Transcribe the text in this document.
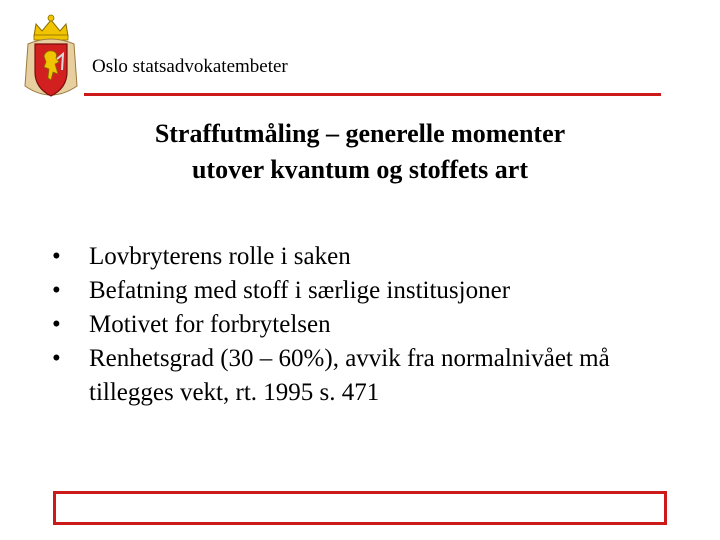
Oslo statsadvokatembeter
Straffutmåling – generelle momenter
utover kvantum og stoffets art
• Lovbryterens rolle i saken
• Befatning med stoff i særlige institusjoner
• Motivet for forbrytelsen
• Renhetsgrad (30 – 60%), avvik fra normalnivået må tillegges vekt, rt. 1995 s. 471
